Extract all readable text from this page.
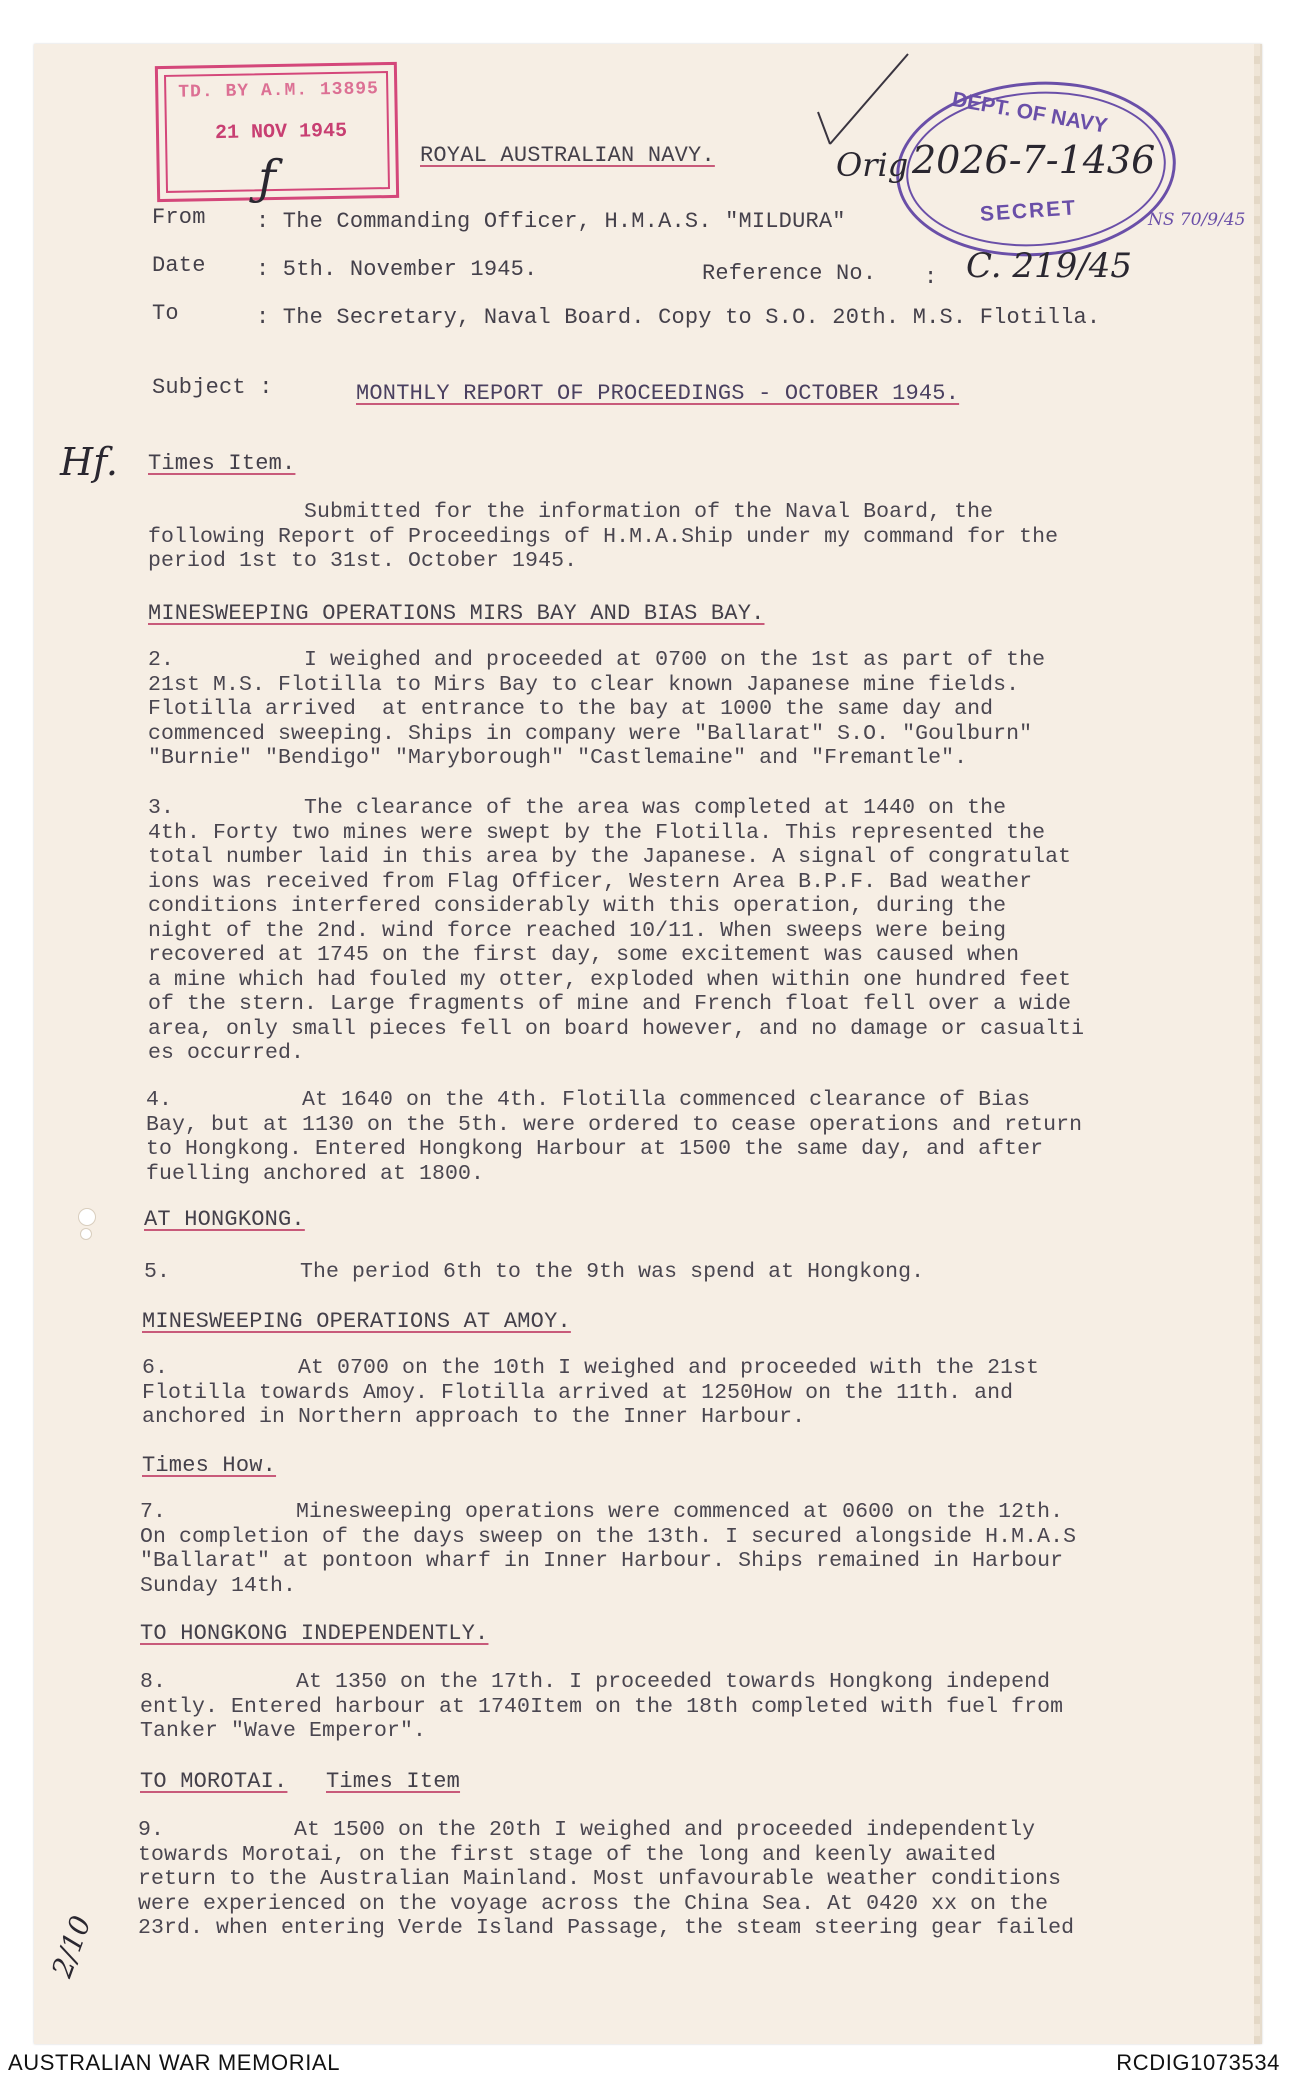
TD. BY A.M. 13895
21 NOV 1945
ƒ
DEPT. OF NAVY
SECRET
Orig 2026-7-1436
NS 70/9/45
ROYAL AUSTRALIAN NAVY.
From : The Commanding Officer, H.M.A.S. "MILDURA"
Date : 5th. November 1945.	Reference No. : C. 219/45
To	: The Secretary, Naval Board. Copy to S.O. 20th. M.S. Flotilla.
Subject :	MONTHLY REPORT OF PROCEEDINGS - OCTOBER 1945.
Hf. Times Item.
Submitted for the information of the Naval Board, the
following Report of Proceedings of H.M.A.Ship under my command for the
period 1st to 31st. October 1945.
MINESWEEPING OPERATIONS MIRS BAY AND BIAS BAY.
2.          I weighed and proceeded at 0700 on the 1st as part of the
21st M.S. Flotilla to Mirs Bay to clear known Japanese mine fields.
Flotilla arrived  at entrance to the bay at 1000 the same day and
commenced sweeping. Ships in company were "Ballarat" S.O. "Goulburn"
"Burnie" "Bendigo" "Maryborough" "Castlemaine" and "Fremantle".
3.          The clearance of the area was completed at 1440 on the
4th. Forty two mines were swept by the Flotilla. This represented the
total number laid in this area by the Japanese. A signal of congratulat
ions was received from Flag Officer, Western Area B.P.F. Bad weather
conditions interfered considerably with this operation, during the
night of the 2nd. wind force reached 10/11. When sweeps were being
recovered at 1745 on the first day, some excitement was caused when
a mine which had fouled my otter, exploded when within one hundred feet
of the stern. Large fragments of mine and French float fell over a wide
area, only small pieces fell on board however, and no damage or casualti
es occurred.
4.          At 1640 on the 4th. Flotilla commenced clearance of Bias
Bay, but at 1130 on the 5th. were ordered to cease operations and return
to Hongkong. Entered Hongkong Harbour at 1500 the same day, and after
fuelling anchored at 1800.
AT HONGKONG.
5.          The period 6th to the 9th was spend at Hongkong.
MINESWEEPING OPERATIONS AT AMOY.
6.          At 0700 on the 10th I weighed and proceeded with the 21st
Flotilla towards Amoy. Flotilla arrived at 1250How on the 11th. and
anchored in Northern approach to the Inner Harbour.
Times How.
7.          Minesweeping operations were commenced at 0600 on the 12th.
On completion of the days sweep on the 13th. I secured alongside H.M.A.S
"Ballarat" at pontoon wharf in Inner Harbour. Ships remained in Harbour
Sunday 14th.
TO HONGKONG INDEPENDENTLY.
8.          At 1350 on the 17th. I proceeded towards Hongkong independ
ently. Entered harbour at 1740Item on the 18th completed with fuel from
Tanker "Wave Emperor".
TO MOROTAI. Times Item
9.          At 1500 on the 20th I weighed and proceeded independently
towards Morotai, on the first stage of the long and keenly awaited
return to the Australian Mainland. Most unfavourable weather conditions
were experienced on the voyage across the China Sea. At 0420 xx on the
23rd. when entering Verde Island Passage, the steam steering gear failed
2/10
AUSTRALIAN WAR MEMORIAL	RCDIG1073534
